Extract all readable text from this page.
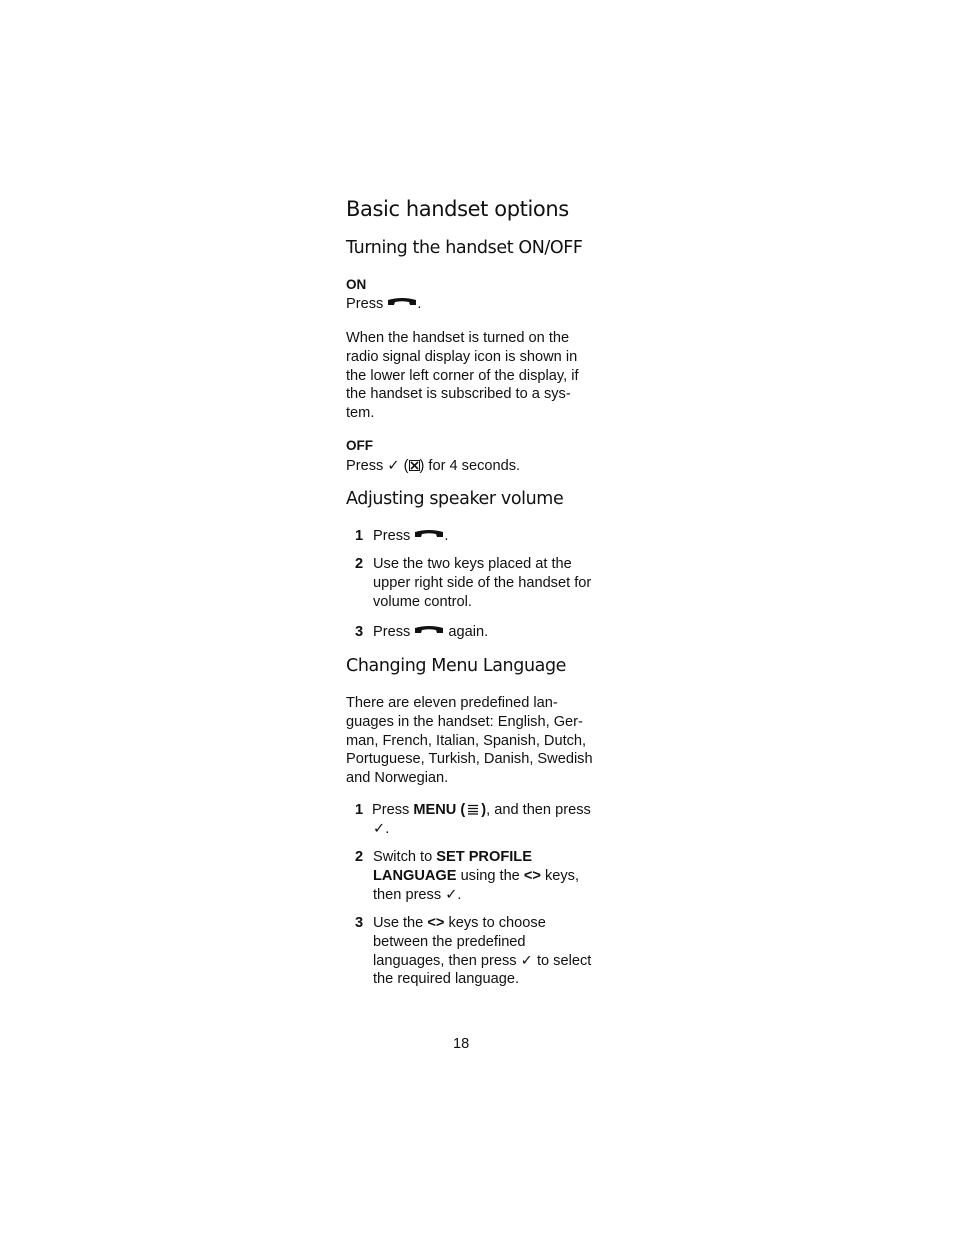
Basic handset options
Turning the handset ON/OFF
ON
Press .

When the handset is turned on the

radio signal display icon is shown in

the lower left corner of the display, if

the handset is subscribed to a sys-

tem.

OFF
Press ✓ (☒) for 4 seconds.
Adjusting speaker volume
1 Press .
2 Use the two keys placed at the
upper right side of the handset for
volume control.
3 Press  again.
Changing Menu Language

There are eleven predefined lan-

guages in the handset: English, Ger-

man, French, Italian, Spanish, Dutch,

Portuguese, Turkish, Danish, Swedish

and Norwegian.

1 Press MENU ( ), and then press
✓.
2 Switch to SET PROFILE
LANGUAGE using the <> keys,
then press ✓.
3 Use the <> keys to choose
between the predefined
languages, then press ✓ to select
the required language.
18
